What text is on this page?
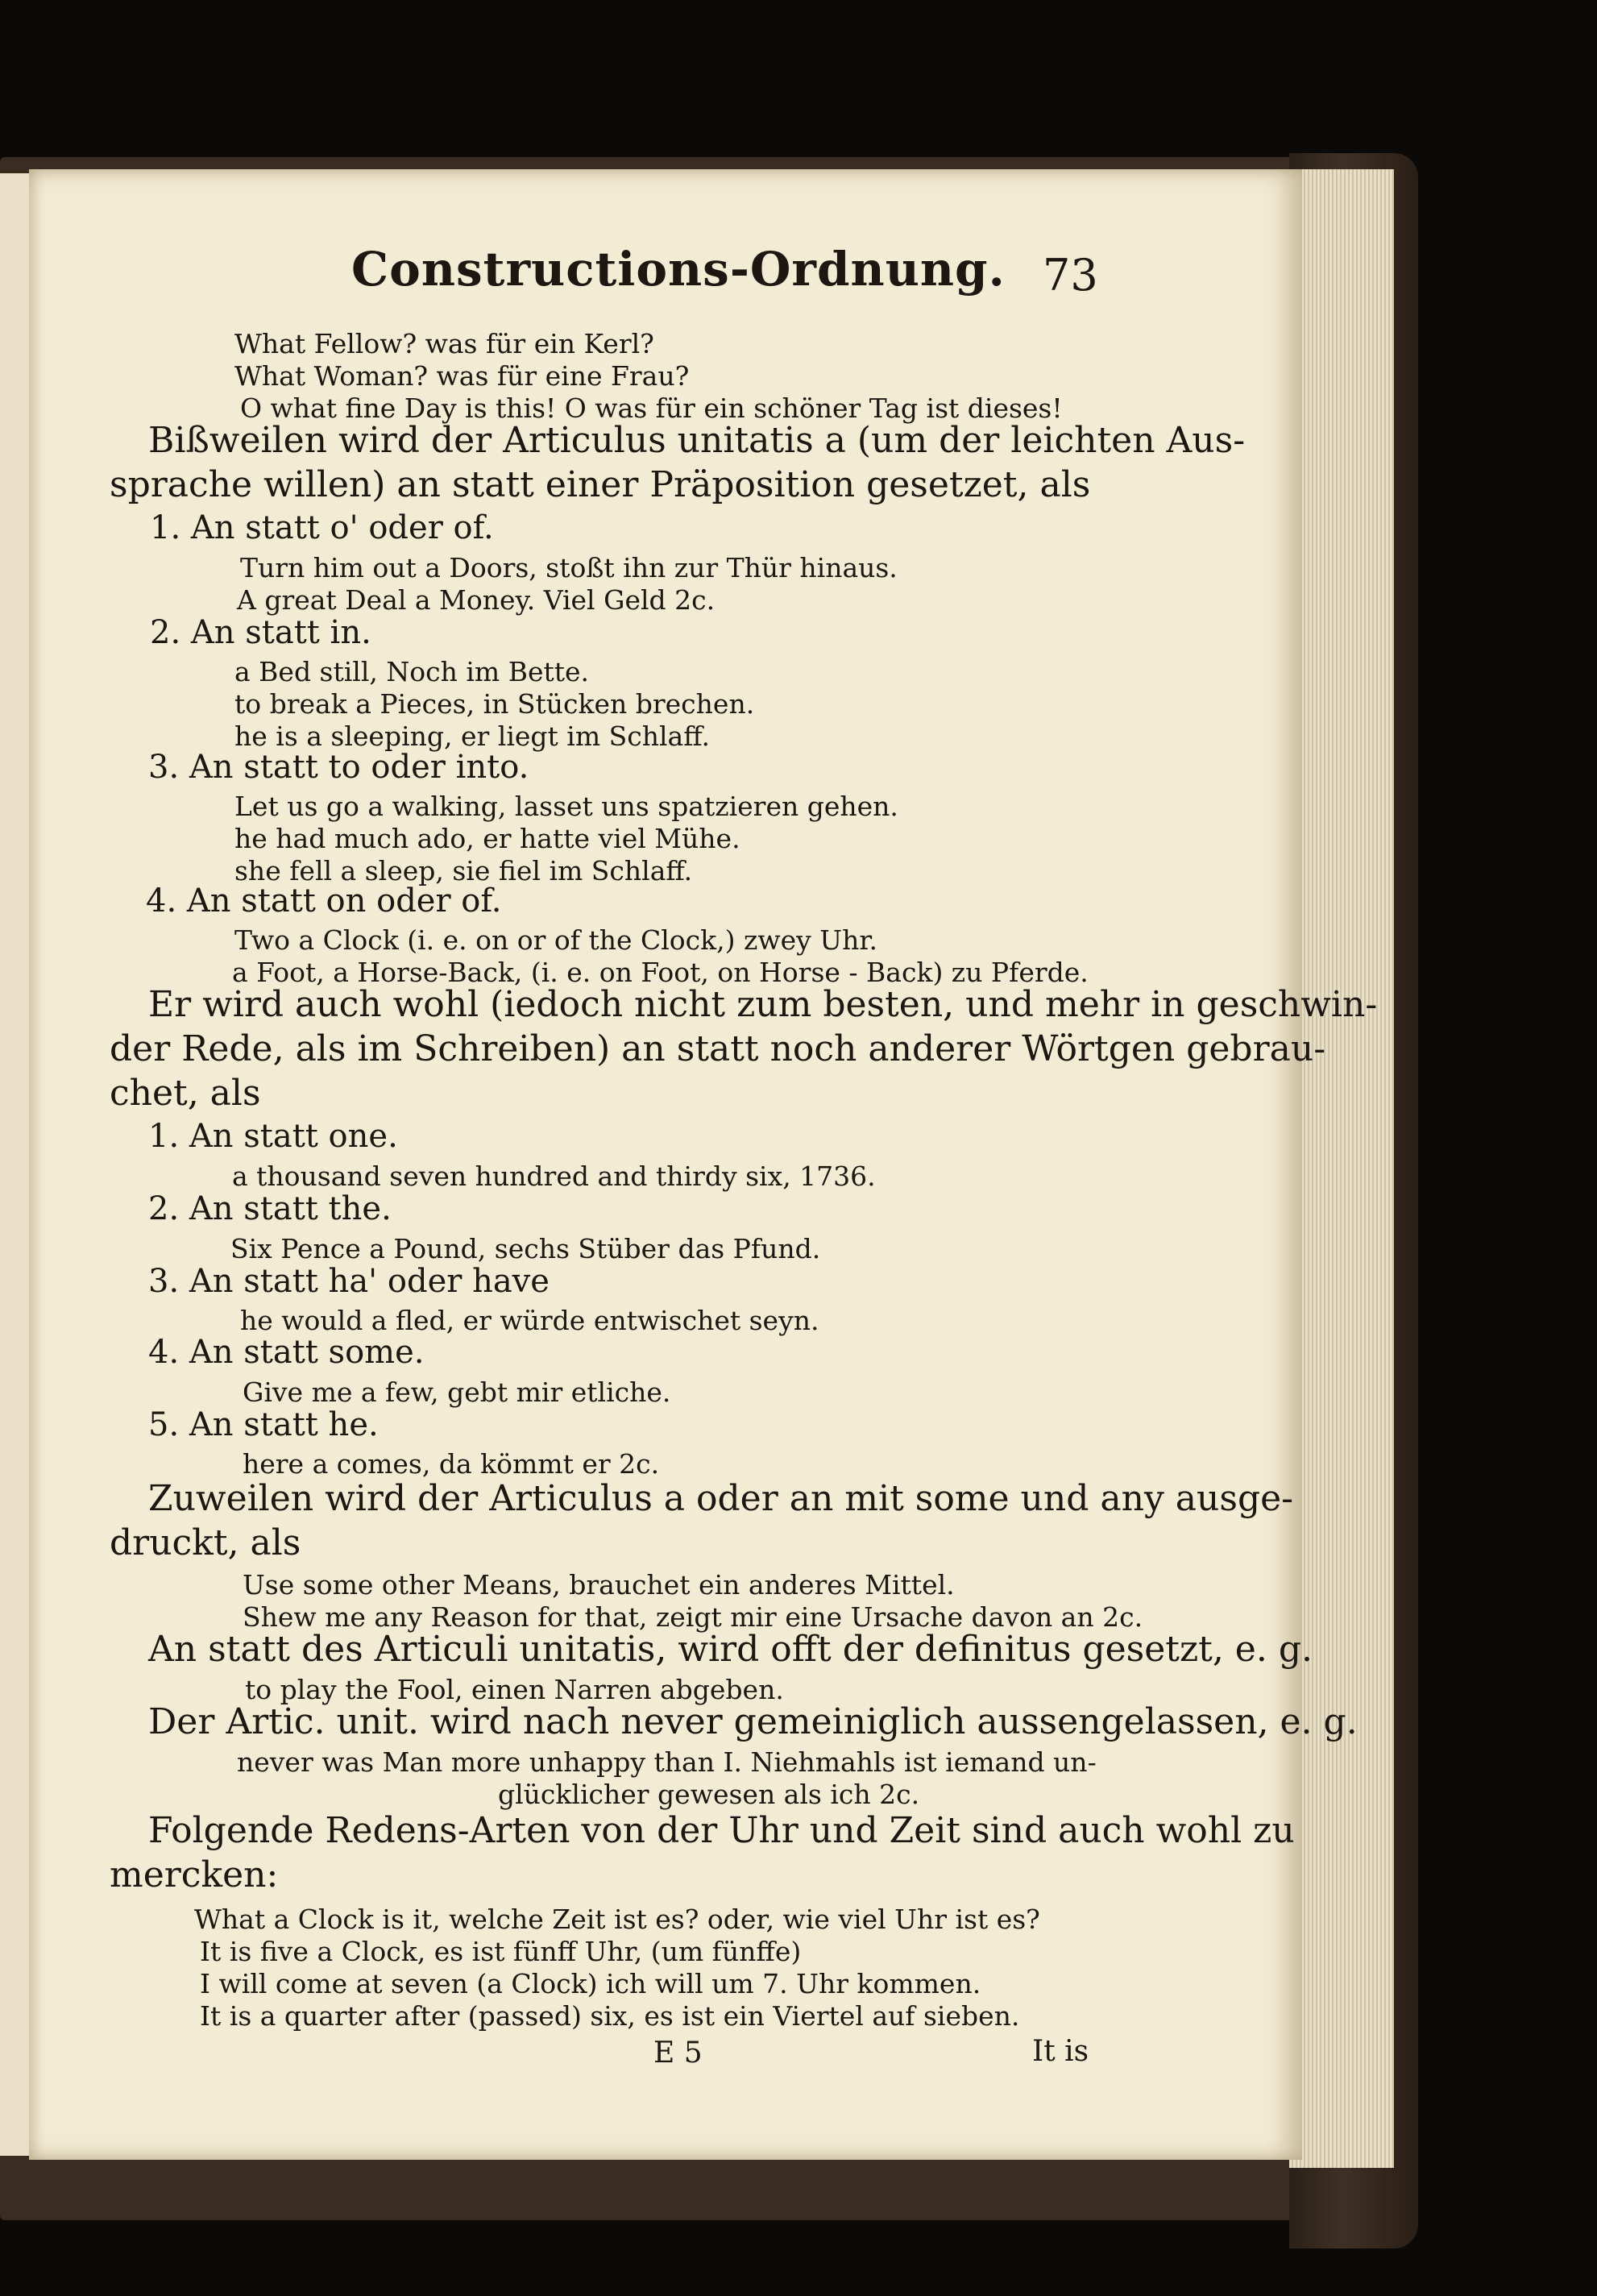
Constructions-Ordnung. 73
What Fellow? was für ein Kerl?
What Woman? was für eine Frau?
O what fine Day is this! O was für ein schöner Tag ist dieses!
Bißweilen wird der Articulus unitatis a (um der leichten Aus-
sprache willen) an statt einer Präposition gesetzet, als
1. An statt o' oder of.
Turn him out a Doors, stoßt ihn zur Thür hinaus.
A great Deal a Money. Viel Geld 2c.
2. An statt in.
a Bed still, Noch im Bette.
to break a Pieces, in Stücken brechen.
he is a sleeping, er liegt im Schlaff.
3. An statt to oder into.
Let us go a walking, lasset uns spatzieren gehen.
he had much ado, er hatte viel Mühe.
she fell a sleep, sie fiel im Schlaff.
4. An statt on oder of.
Two a Clock (i. e. on or of the Clock,) zwey Uhr.
a Foot, a Horse-Back, (i. e. on Foot, on Horse - Back) zu Pferde.
Er wird auch wohl (iedoch nicht zum besten, und mehr in geschwin-
der Rede, als im Schreiben) an statt noch anderer Wörtgen gebrau-
chet, als
1. An statt one.
a thousand seven hundred and thirdy six, 1736.
2. An statt the.
Six Pence a Pound, sechs Stüber das Pfund.
3. An statt ha' oder have
he would a fled, er würde entwischet seyn.
4. An statt some.
Give me a few, gebt mir etliche.
5. An statt he.
here a comes, da kömmt er 2c.
Zuweilen wird der Articulus a oder an mit some und any ausge-
druckt, als
Use some other Means, brauchet ein anderes Mittel.
Shew me any Reason for that, zeigt mir eine Ursache davon an 2c.
An statt des Articuli unitatis, wird offt der definitus gesetzt, e. g.
to play the Fool, einen Narren abgeben.
Der Artic. unit. wird nach never gemeiniglich aussengelassen, e. g.
never was Man more unhappy than I. Niehmahls ist iemand un-
glücklicher gewesen als ich 2c.
Folgende Redens-Arten von der Uhr und Zeit sind auch wohl zu
mercken:
What a Clock is it, welche Zeit ist es? oder, wie viel Uhr ist es?
It is five a Clock, es ist fünff Uhr, (um fünffe)
I will come at seven (a Clock) ich will um 7. Uhr kommen.
It is a quarter after (passed) six, es ist ein Viertel auf sieben.
E 5	It is
